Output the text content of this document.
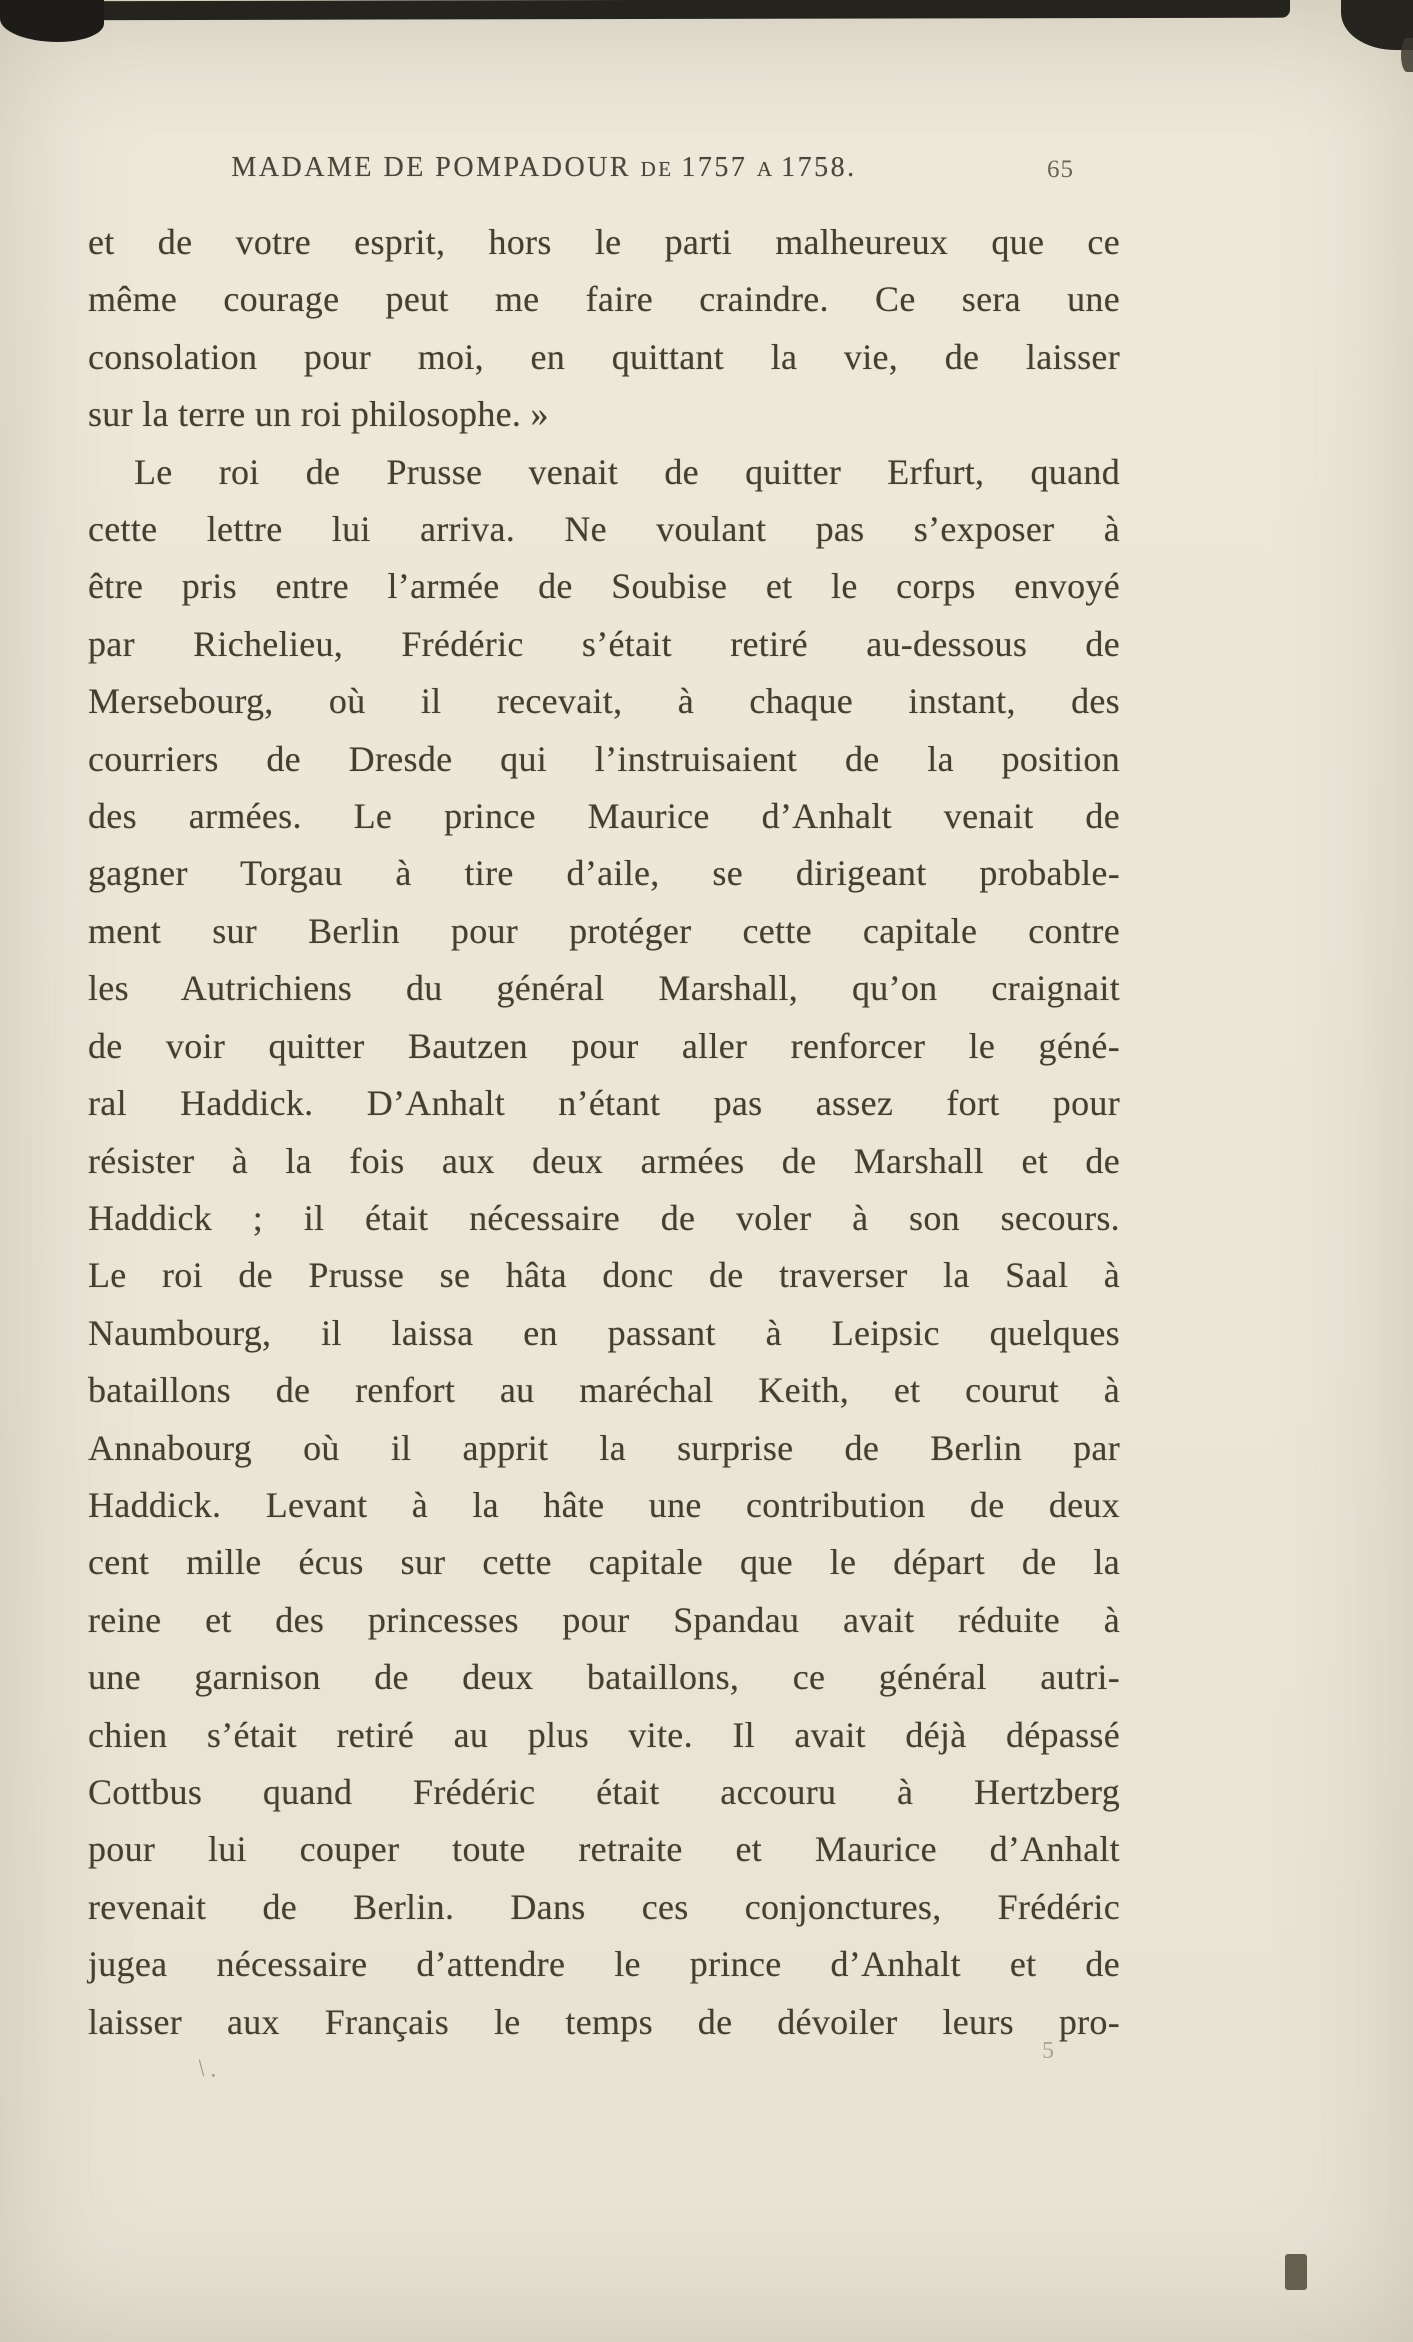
MADAME DE POMPADOUR DE 1757 A 1758.	65
et de votre esprit, hors le parti malheureux que ce
même courage peut me faire craindre. Ce sera une
consolation pour moi, en quittant la vie, de laisser
sur la terre un roi philosophe. »
Le roi de Prusse venait de quitter Erfurt, quand
cette lettre lui arriva. Ne voulant pas s’exposer à
être pris entre l’armée de Soubise et le corps envoyé
par Richelieu, Frédéric s’était retiré au-dessous de
Mersebourg, où il recevait, à chaque instant, des
courriers de Dresde qui l’instruisaient de la position
des armées. Le prince Maurice d’Anhalt venait de
gagner Torgau à tire d’aile, se dirigeant probable-
ment sur Berlin pour protéger cette capitale contre
les Autrichiens du général Marshall, qu’on craignait
de voir quitter Bautzen pour aller renforcer le géné-
ral Haddick. D’Anhalt n’étant pas assez fort pour
résister à la fois aux deux armées de Marshall et de
Haddick ; il était nécessaire de voler à son secours.
Le roi de Prusse se hâta donc de traverser la Saal à
Naumbourg, il laissa en passant à Leipsic quelques
bataillons de renfort au maréchal Keith, et courut à
Annabourg où il apprit la surprise de Berlin par
Haddick. Levant à la hâte une contribution de deux
cent mille écus sur cette capitale que le départ de la
reine et des princesses pour Spandau avait réduite à
une garnison de deux bataillons, ce général autri-
chien s’était retiré au plus vite. Il avait déjà dépassé
Cottbus quand Frédéric était accouru à Hertzberg
pour lui couper toute retraite et Maurice d’Anhalt
revenait de Berlin. Dans ces conjonctures, Frédéric
jugea nécessaire d’attendre le prince d’Anhalt et de
laisser aux Français le temps de dévoiler leurs pro-
\ .
5
